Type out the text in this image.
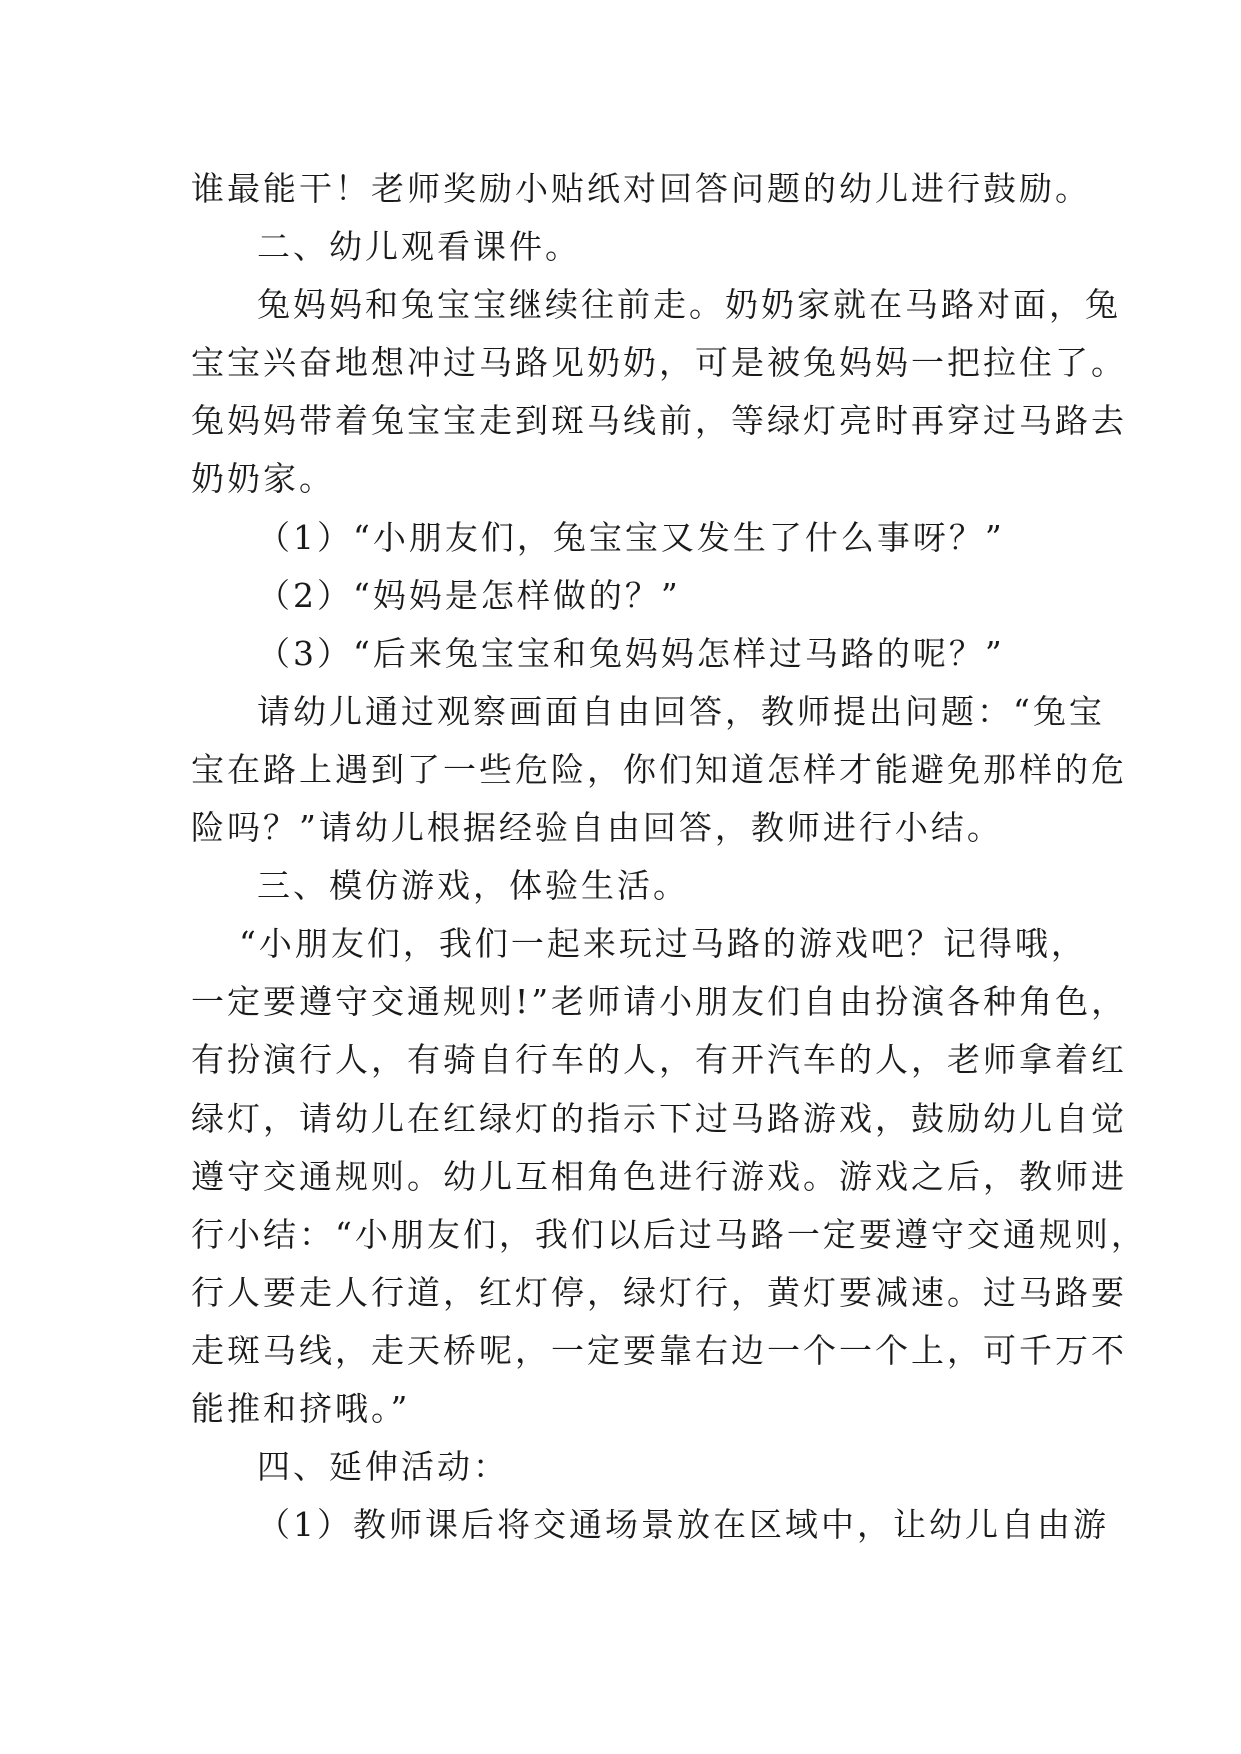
谁最能干！老师奖励小贴纸对回答问题的幼儿进行鼓励。
二、幼儿观看课件。
兔妈妈和兔宝宝继续往前走。奶奶家就在马路对面，兔
宝宝兴奋地想冲过马路见奶奶，可是被兔妈妈一把拉住了。
兔妈妈带着兔宝宝走到斑马线前，等绿灯亮时再穿过马路去
奶奶家。
（1）“小朋友们，兔宝宝又发生了什么事呀？”
（2）“妈妈是怎样做的？”
（3）“后来兔宝宝和兔妈妈怎样过马路的呢？”
请幼儿通过观察画面自由回答，教师提出问题：“兔宝
宝在路上遇到了一些危险，你们知道怎样才能避免那样的危
险吗？”请幼儿根据经验自由回答，教师进行小结。
三、模仿游戏，体验生活。
“小朋友们，我们一起来玩过马路的游戏吧？记得哦，
一定要遵守交通规则!”老师请小朋友们自由扮演各种角色，
有扮演行人，有骑自行车的人，有开汽车的人，老师拿着红
绿灯，请幼儿在红绿灯的指示下过马路游戏，鼓励幼儿自觉
遵守交通规则。幼儿互相角色进行游戏。游戏之后，教师进
行小结：“小朋友们，我们以后过马路一定要遵守交通规则，
行人要走人行道，红灯停，绿灯行，黄灯要减速。过马路要
走斑马线，走天桥呢，一定要靠右边一个一个上，可千万不
能推和挤哦。”
四、延伸活动：
（1）教师课后将交通场景放在区域中，让幼儿自由游
